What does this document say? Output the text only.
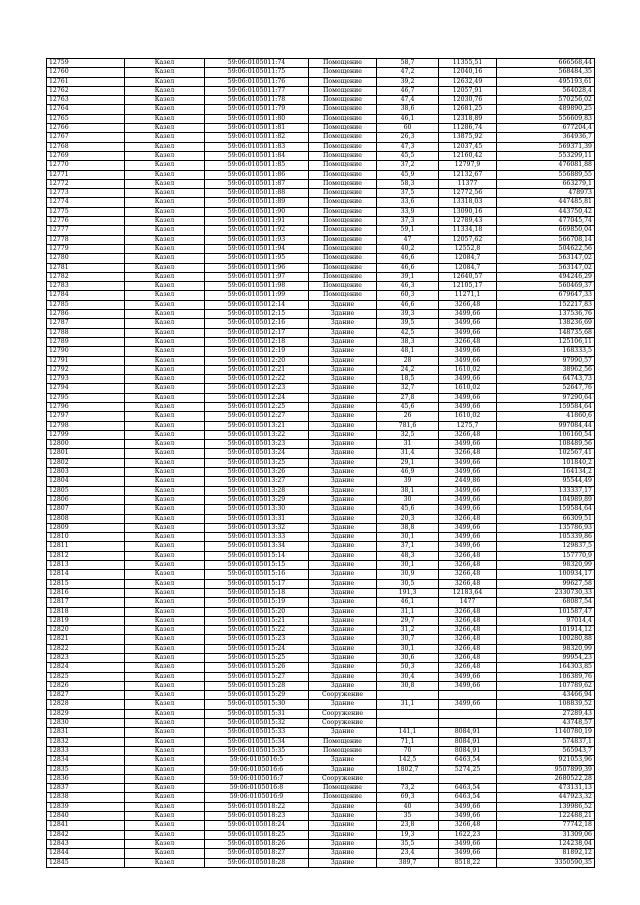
12759	Казел	59:06:0105011:74	Помещение	58,7	11355,51	666568,44
12760	Казел	59:06:0105011:75	Помещение	47,2	12040,16	568484,35
12761	Казел	59:06:0105011:76	Помещение	39,2	12632,49	495193,61
12762	Казел	59:06:0105011:77	Помещение	46,7	12057,91	564028,4
12763	Казел	59:06:0105011:78	Помещение	47,4	12030,76	570256,02
12764	Казел	59:06:0105011:79	Помещение	38,6	12681,25	489890,25
12765	Казел	59:06:0105011:80	Помещение	46,1	12318,89	556609,83
12766	Казел	59:06:0105011:81	Помещение	60	11286,74	677204,4
12767	Казел	59:06:0105011:82	Помещение	26,3	13875,92	364936,7
12768	Казел	59:06:0105011:83	Помещение	47,3	12037,45	569371,39
12769	Казел	59:06:0105011:84	Помещение	45,5	12160,42	553299,11
12770	Казел	59:06:0105011:85	Помещение	37,2	12797,9	476081,88
12771	Казел	59:06:0105011:86	Помещение	45,9	12132,67	556889,55
12772	Казел	59:06:0105011:87	Помещение	58,3	11377	663279,1
12773	Казел	59:06:0105011:88	Помещение	37,5	12772,56	478973
12774	Казел	59:06:0105011:89	Помещение	33,6	13318,03	447485,81
12775	Казел	59:06:0105011:90	Помещение	33,9	13090,16	443750,42
12776	Казел	59:06:0105011:91	Помещение	37,3	12789,43	477045,74
12777	Казел	59:06:0105011:92	Помещение	59,1	11334,18	669850,04
12778	Казел	59:06:0105011:93	Помещение	47	12057,62	566708,14
12779	Казел	59:06:0105011:94	Помещение	40,2	12552,8	504622,56
12780	Казел	59:06:0105011:95	Помещение	46,6	12084,7	563147,02
12781	Казел	59:06:0105011:96	Помещение	46,6	12084,7	563147,02
12782	Казел	59:06:0105011:97	Помещение	39,1	12640,57	494246,29
12783	Казел	59:06:0105011:98	Помещение	46,3	12105,17	560469,37
12784	Казел	59:06:0105011:99	Помещение	60,3	11271,1	679647,33
12785	Казел	59:06:0105012:14	Здание	46,6	3266,48	152217,83
12786	Казел	59:06:0105012:15	Здание	39,3	3499,66	137536,76
12787	Казел	59:06:0105012:16	Здание	39,5	3499,66	138236,69
12788	Казел	59:06:0105012:17	Здание	42,5	3499,66	148735,68
12789	Казел	59:06:0105012:18	Здание	38,3	3266,48	125106,11
12790	Казел	59:06:0105012:19	Здание	48,1	3499,66	168333,5
12791	Казел	59:06:0105012:20	Здание	28	3499,66	97990,57
12792	Казел	59:06:0105012:21	Здание	24,2	1610,02	38962,56
12793	Казел	59:06:0105012:22	Здание	18,5	3499,66	64743,73
12794	Казел	59:06:0105012:23	Здание	32,7	1610,02	52647,76
12795	Казел	59:06:0105012:24	Здание	27,8	3499,66	97290,64
12796	Казел	59:06:0105012:25	Здание	45,6	3499,66	159584,64
12797	Казел	59:06:0105012:27	Здание	26	1610,02	41860,6
12798	Казел	59:06:0105013:21	Здание	781,6	1275,7	997084,44
12799	Казел	59:06:0105013:22	Здание	32,5	3266,48	106160,54
12800	Казел	59:06:0105013:23	Здание	31	3499,66	108489,56
12801	Казел	59:06:0105013:24	Здание	31,4	3266,48	102567,41
12802	Казел	59:06:0105013:25	Здание	29,1	3499,66	101840,2
12803	Казел	59:06:0105013:26	Здание	46,9	3499,66	164134,2
12804	Казел	59:06:0105013:27	Здание	39	2449,86	95544,49
12805	Казел	59:06:0105013:28	Здание	38,1	3499,66	133337,17
12806	Казел	59:06:0105013:29	Здание	30	3499,66	104989,89
12807	Казел	59:06:0105013:30	Здание	45,6	3499,66	159584,64
12808	Казел	59:06:0105013:31	Здание	20,3	3266,48	66309,51
12809	Казел	59:06:0105013:32	Здание	38,8	3499,66	135786,93
12810	Казел	59:06:0105013:33	Здание	30,1	3499,66	105339,86
12811	Казел	59:06:0105013:34	Здание	37,1	3499,66	129837,5
12812	Казел	59:06:0105015:14	Здание	48,3	3266,48	157770,9
12813	Казел	59:06:0105015:15	Здание	30,1	3266,48	98320,99
12814	Казел	59:06:0105015:16	Здание	30,9	3266,48	100934,17
12815	Казел	59:06:0105015:17	Здание	30,5	3266,48	99627,58
12816	Казел	59:06:0105015:18	Здание	191,3	12183,64	2330730,33
12817	Казел	59:06:0105015:19	Здание	46,1	1477	68087,54
12818	Казел	59:06:0105015:20	Здание	31,1	3266,48	101587,47
12819	Казел	59:06:0105015:21	Здание	29,7	3266,48	97014,4
12820	Казел	59:06:0105015:22	Здание	31,2	3266,48	101914,12
12821	Казел	59:06:0105015:23	Здание	30,7	3266,48	100280,88
12822	Казел	59:06:0105015:24	Здание	30,1	3266,48	98320,99
12823	Казел	59:06:0105015:25	Здание	30,6	3266,48	99954,23
12824	Казел	59:06:0105015:26	Здание	50,3	3266,48	164303,85
12825	Казел	59:06:0105015:27	Здание	30,4	3499,66	106389,76
12826	Казел	59:06:0105015:28	Здание	30,8	3499,66	107789,62
12827	Казел	59:06:0105015:29	Сооружение			43466,94
12828	Казел	59:06:0105015:30	Здание	31,1	3499,66	108839,52
12829	Казел	59:06:0105015:31	Сооружение			27289,43
12830	Казел	59:06:0105015:32	Сооружение			43748,57
12831	Казел	59:06:0105015:33	Здание	141,1	8084,91	1140780,19
12832	Казел	59:06:0105015:34	Помещение	71,1	8084,91	574837,1
12833	Казел	59:06:0105015:35	Помещение	70	8084,91	565943,7
12834	Казел	59:06:0105016:5	Здание	142,5	6463,54	921053,96
12835	Казел	59:06:0105016:6	Здание	1802,7	5274,25	9507899,39
12836	Казел	59:06:0105016:7	Сооружение			2680522,28
12837	Казел	59:06:0105016:8	Помещение	73,2	6463,54	473131,13
12838	Казел	59:06:0105016:9	Помещение	69,3	6463,54	447923,32
12839	Казел	59:06:0105018:22	Здание	40	3499,66	139986,52
12840	Казел	59:06:0105018:23	Здание	35	3499,66	122488,21
12841	Казел	59:06:0105018:24	Здание	23,8	3266,48	77742,18
12842	Казел	59:06:0105018:25	Здание	19,3	1622,23	31309,06
12843	Казел	59:06:0105018:26	Здание	35,5	3499,66	124238,04
12844	Казел	59:06:0105018:27	Здание	23,4	3499,66	81892,12
12845	Казел	59:06:0105018:28	Здание	389,7	8518,22	3350590,35
